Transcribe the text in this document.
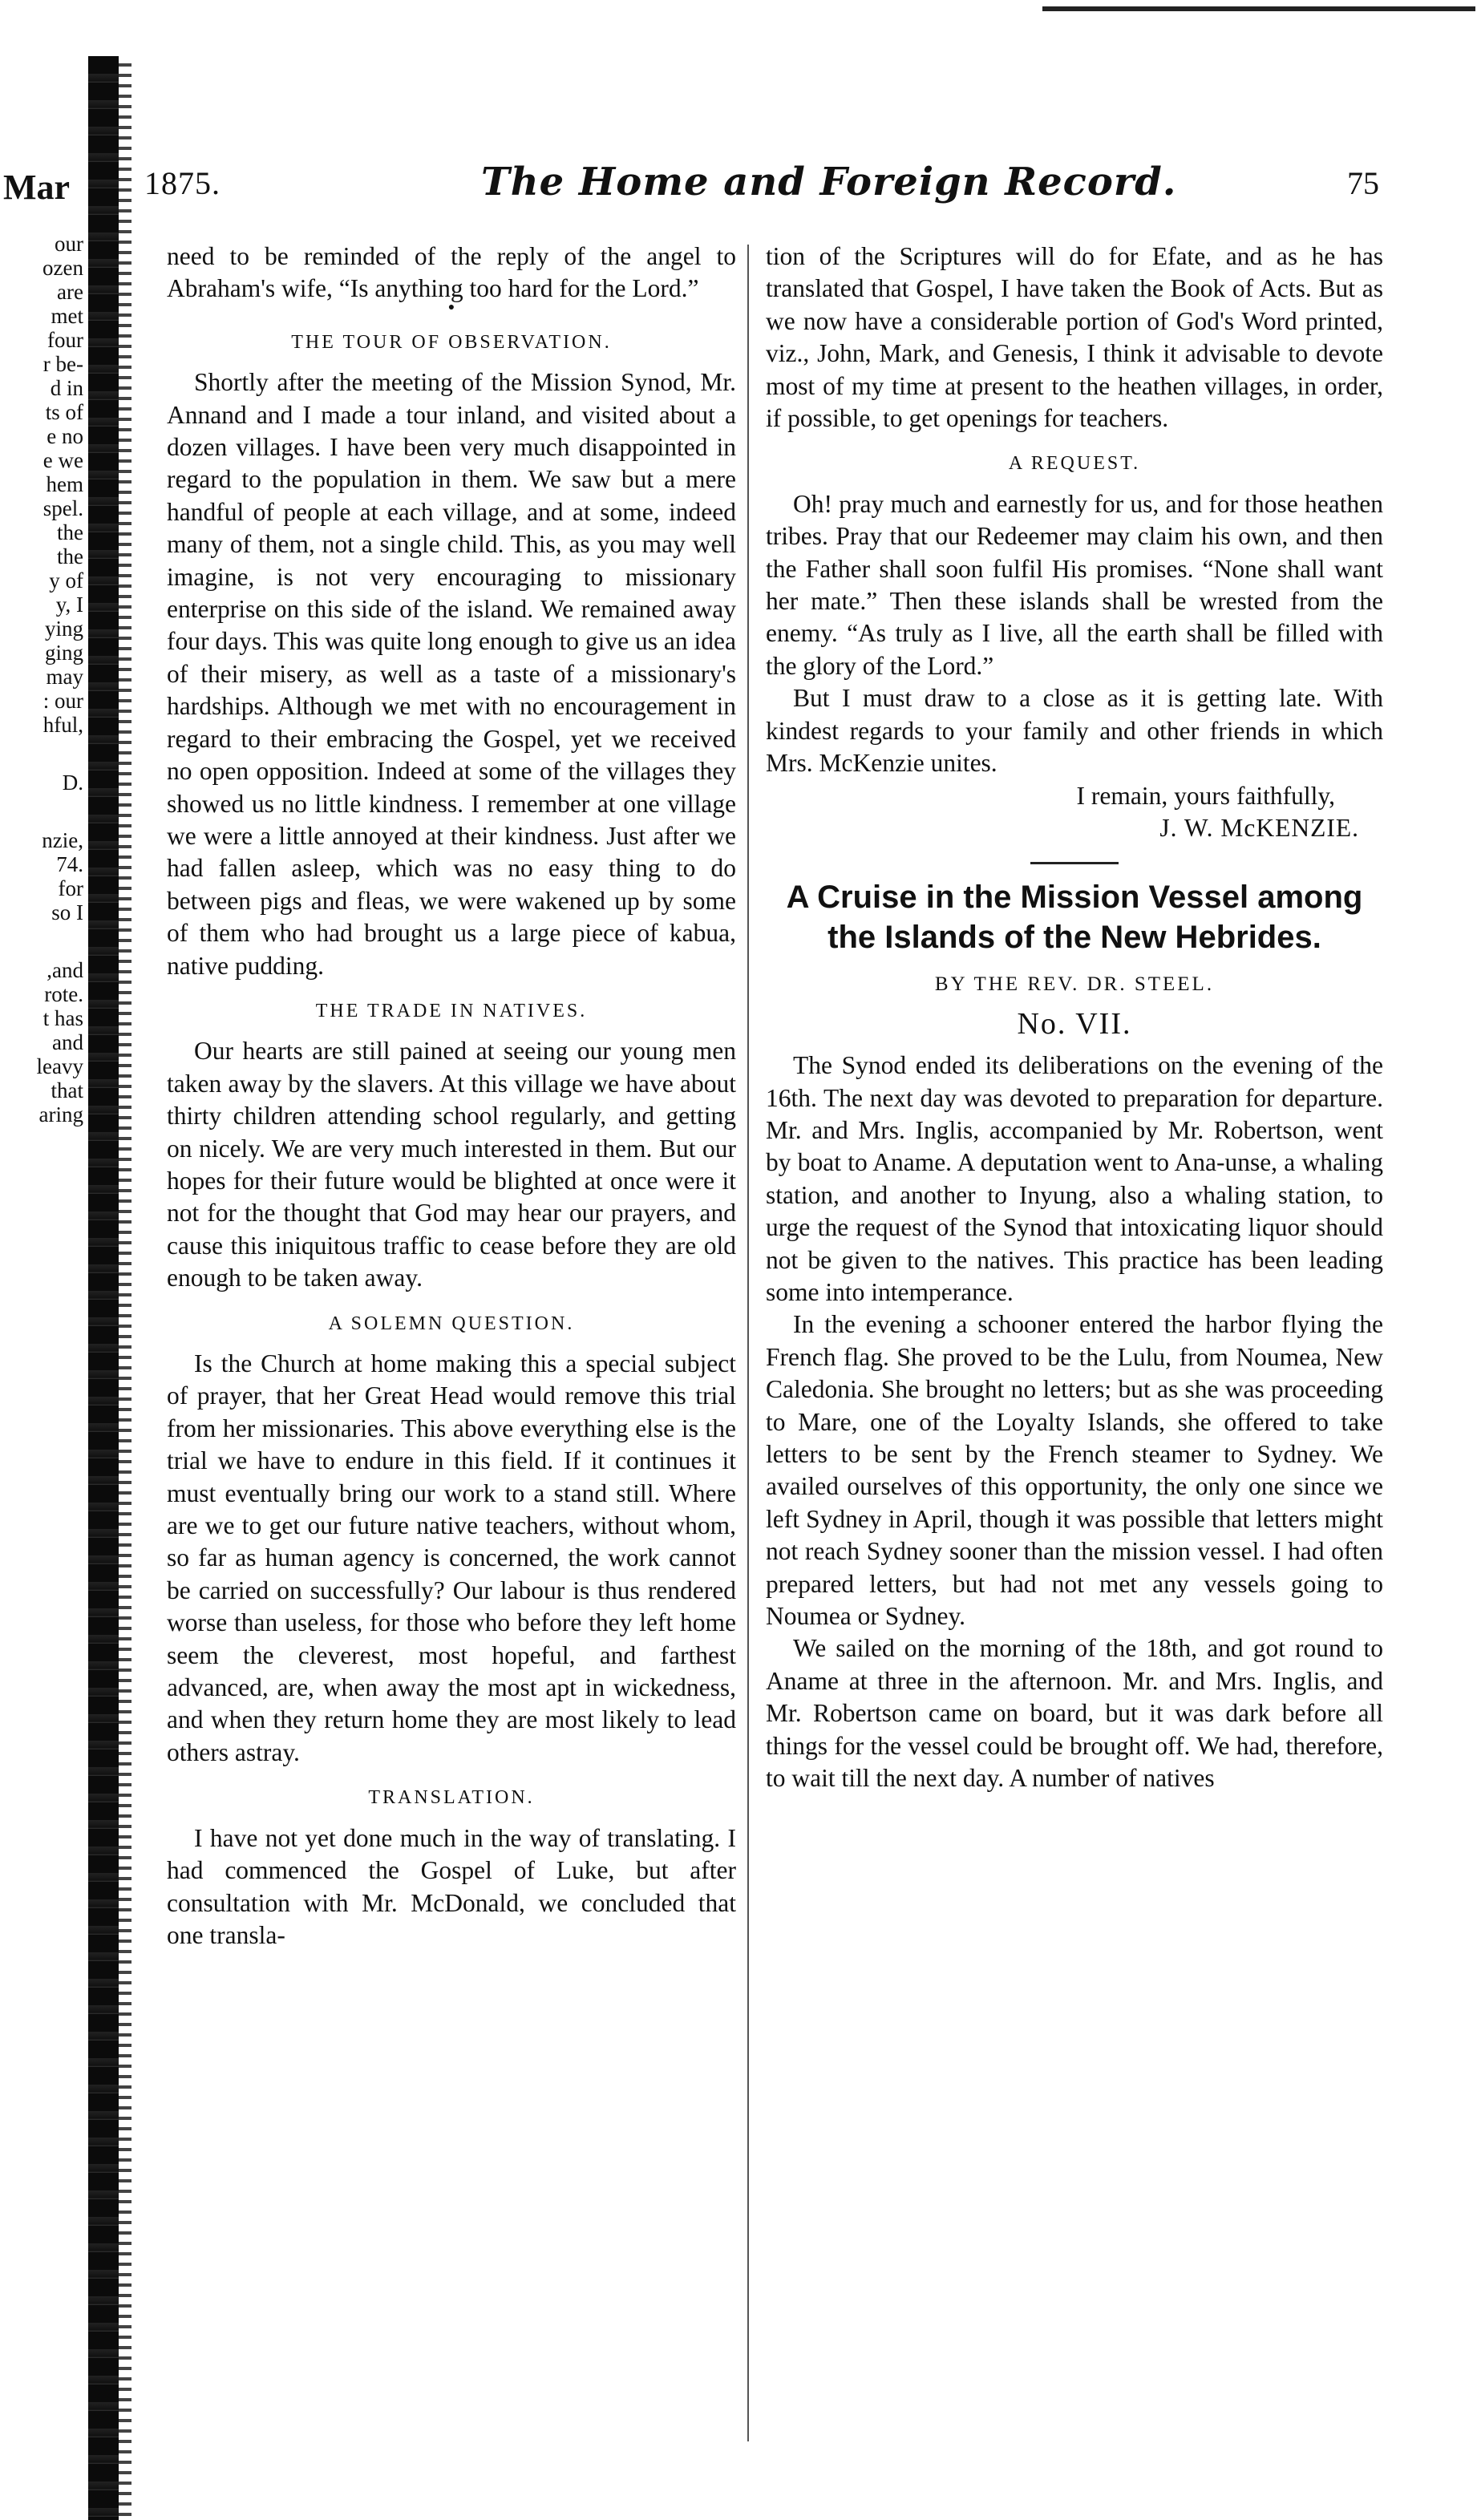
Mar
our
ozen
are
met
four
r be-
d in
ts of
e no
e we
hem
spel.
the
the
y of
y, I
ying
ging
may
: our
hful,
D.
nzie,
74.
for
so I
,and
rote.
t has
and
leavy
that
aring
1875.	The Home and Foreign Record.	75

need to be reminded of the reply of the angel to Abraham's wife, “Is anything too hard for the Lord.”

●
THE TOUR OF OBSERVATION.

Shortly after the meeting of the Mission Synod, Mr. Annand and I made a tour inland, and visited about a dozen villages. I have been very much disappointed in regard to the population in them. We saw but a mere handful of people at each village, and at some, indeed many of them, not a single child. This, as you may well imagine, is not very encouraging to missionary enterprise on this side of the island. We remained away four days. This was quite long enough to give us an idea of their misery, as well as a taste of a missionary's hardships. Although we met with no encouragement in regard to their embracing the Gospel, yet we received no open opposition. Indeed at some of the villages they showed us no little kindness. I remember at one village we were a little annoyed at their kindness. Just after we had fallen asleep, which was no easy thing to do between pigs and fleas, we were wakened up by some of them who had brought us a large piece of kabua, native pudding.

THE TRADE IN NATIVES.

Our hearts are still pained at seeing our young men taken away by the slavers. At this village we have about thirty children attending school regularly, and getting on nicely. We are very much interested in them. But our hopes for their future would be blighted at once were it not for the thought that God may hear our prayers, and cause this iniquitous traffic to cease before they are old enough to be taken away.

A SOLEMN QUESTION.

Is the Church at home making this a special subject of prayer, that her Great Head would remove this trial from her missionaries. This above everything else is the trial we have to endure in this field. If it continues it must eventually bring our work to a stand still. Where are we to get our future native teachers, without whom, so far as human agency is concerned, the work cannot be carried on successfully? Our labour is thus rendered worse than useless, for those who before they left home seem the cleverest, most hopeful, and farthest advanced, are, when away the most apt in wickedness, and when they return home they are most likely to lead others astray.

TRANSLATION.

I have not yet done much in the way of translating. I had commenced the Gospel of Luke, but after consultation with Mr. McDonald, we concluded that one transla-

tion of the Scriptures will do for Efate, and as he has translated that Gospel, I have taken the Book of Acts. But as we now have a considerable portion of God's Word printed, viz., John, Mark, and Genesis, I think it advisable to devote most of my time at present to the heathen villages, in order, if possible, to get openings for teachers.

A REQUEST.

Oh! pray much and earnestly for us, and for those heathen tribes. Pray that our Redeemer may claim his own, and then the Father shall soon fulfil His promises. “None shall want her mate.” Then these islands shall be wrested from the enemy. “As truly as I live, all the earth shall be filled with the glory of the Lord.”

But I must draw to a close as it is getting late. With kindest regards to your family and other friends in which Mrs. McKenzie unites.

I remain, yours faithfully,
J. W. McKENZIE.
A Cruise in the Mission Vessel among the Islands of the New Hebrides.
BY THE REV. DR. STEEL.
No. VII.

The Synod ended its deliberations on the evening of the 16th. The next day was devoted to preparation for departure. Mr. and Mrs. Inglis, accompanied by Mr. Robertson, went by boat to Aname. A deputation went to Ana-unse, a whaling station, and another to Inyung, also a whaling station, to urge the request of the Synod that intoxicating liquor should not be given to the natives. This practice has been leading some into intemperance.

In the evening a schooner entered the harbor flying the French flag. She proved to be the Lulu, from Noumea, New Caledonia. She brought no letters; but as she was proceeding to Mare, one of the Loyalty Islands, she offered to take letters to be sent by the French steamer to Sydney. We availed ourselves of this opportunity, the only one since we left Sydney in April, though it was possible that letters might not reach Sydney sooner than the mission vessel. I had often prepared letters, but had not met any vessels going to Noumea or Sydney.

We sailed on the morning of the 18th, and got round to Aname at three in the afternoon. Mr. and Mrs. Inglis, and Mr. Robertson came on board, but it was dark before all things for the vessel could be brought off. We had, therefore, to wait till the next day. A number of natives
